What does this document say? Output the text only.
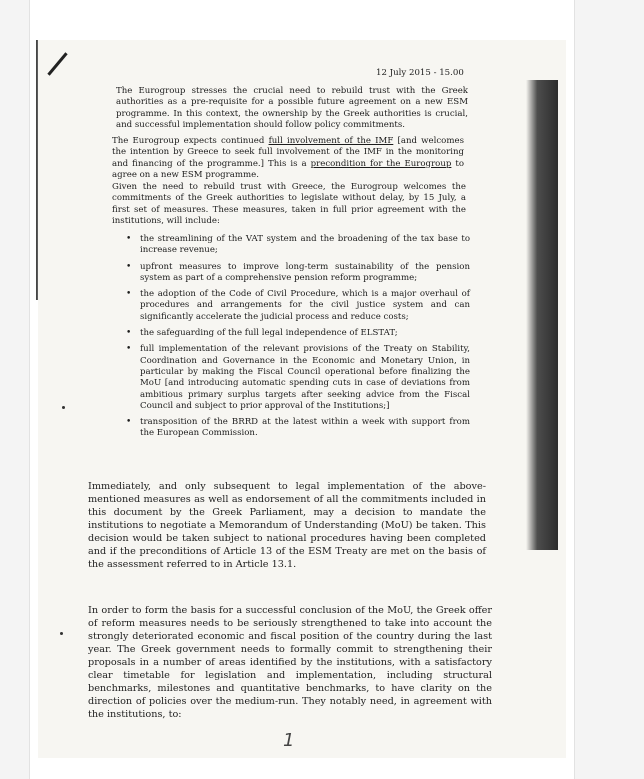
12 July 2015 - 15.00
The Eurogroup stresses the crucial need to rebuild trust with the Greek authorities as a pre-requisite for a possible future agreement on a new ESM programme. In this context, the ownership by the Greek authorities is crucial, and successful implementation should follow policy commitments.
The Eurogroup expects continued full involvement of the IMF [and welcomes the intention by Greece to seek full involvement of the IMF in the monitoring and financing of the programme.] This is a precondition for the Eurogroup to agree on a new ESM programme.
Given the need to rebuild trust with Greece, the Eurogroup welcomes the commitments of the Greek authorities to legislate without delay, by 15 July, a first set of measures. These measures, taken in full prior agreement with the institutions, will include:
• the streamlining of the VAT system and the broadening of the tax base to increase revenue;
• upfront measures to improve long-term sustainability of the pension system as part of a comprehensive pension reform programme;
• the adoption of the Code of Civil Procedure, which is a major overhaul of procedures and arrangements for the civil justice system and can significantly accelerate the judicial process and reduce costs;
• the safeguarding of the full legal independence of ELSTAT;
• full implementation of the relevant provisions of the Treaty on Stability, Coordination and Governance in the Economic and Monetary Union, in particular by making the Fiscal Council operational before finalizing the MoU [and introducing automatic spending cuts in case of deviations from ambitious primary surplus targets after seeking advice from the Fiscal Council and subject to prior approval of the Institutions;]
• transposition of the BRRD at the latest within a week with support from the European Commission.
Immediately, and only subsequent to legal implementation of the above-mentioned measures as well as endorsement of all the commitments included in this document by the Greek Parliament, may a decision to mandate the institutions to negotiate a Memorandum of Understanding (MoU) be taken. This decision would be taken subject to national procedures having been completed and if the preconditions of Article 13 of the ESM Treaty are met on the basis of the assessment referred to in Article 13.1.
In order to form the basis for a successful conclusion of the MoU, the Greek offer of reform measures needs to be seriously strengthened to take into account the strongly deteriorated economic and fiscal position of the country during the last year. The Greek government needs to formally commit to strengthening their proposals in a number of areas identified by the institutions, with a satisfactory clear timetable for legislation and implementation, including structural benchmarks, milestones and quantitative benchmarks, to have clarity on the direction of policies over the medium-run. They notably need, in agreement with the institutions, to:
1
